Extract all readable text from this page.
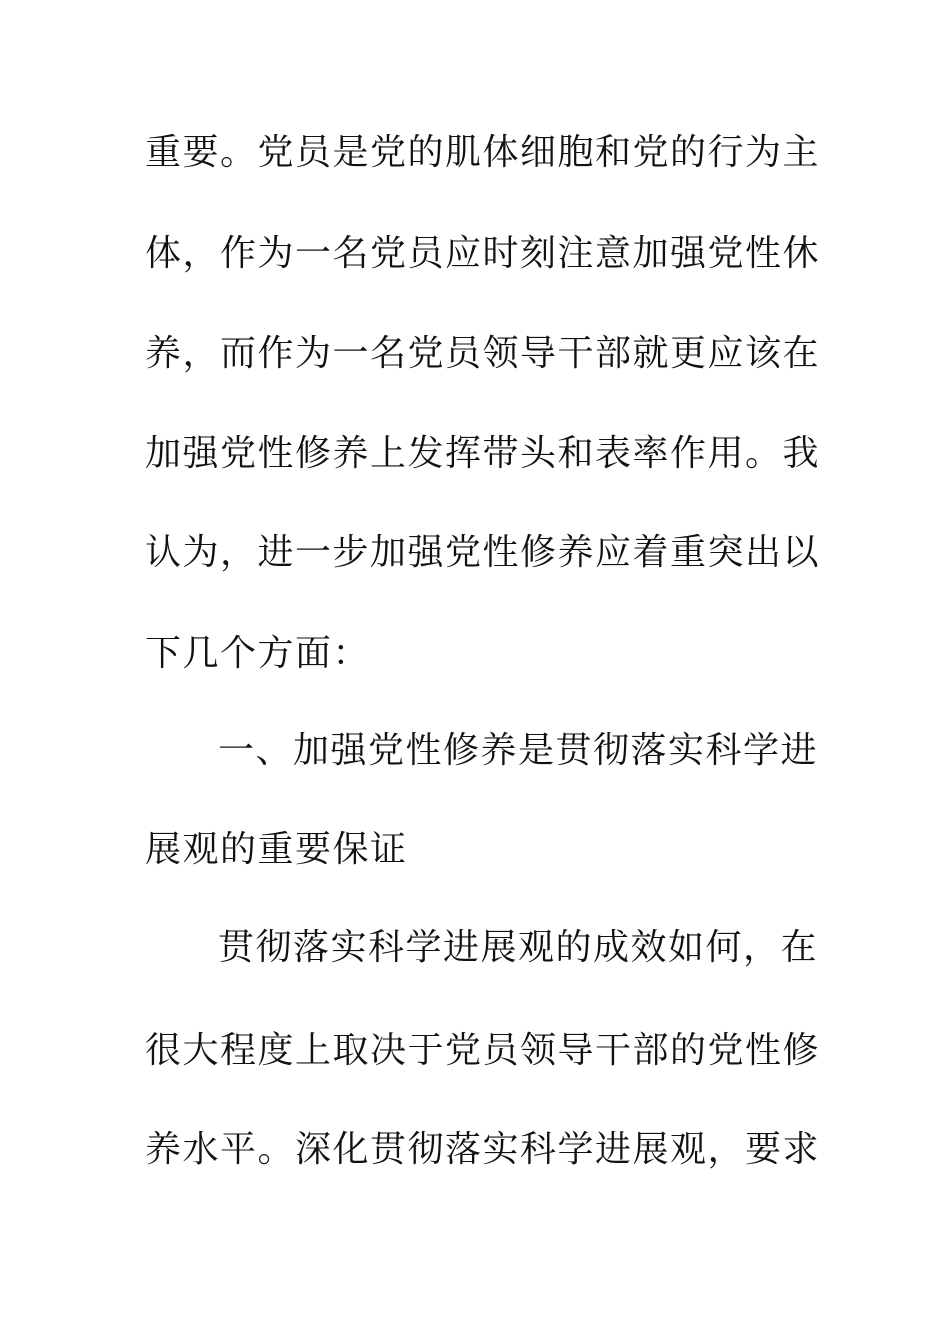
重要。党员是党的肌体细胞和党的行为主
体，作为一名党员应时刻注意加强党性休
养，而作为一名党员领导干部就更应该在
加强党性修养上发挥带头和表率作用。我
认为，进一步加强党性修养应着重突出以
下几个方面：
一、加强党性修养是贯彻落实科学进
展观的重要保证
贯彻落实科学进展观的成效如何，在
很大程度上取决于党员领导干部的党性修
养水平。深化贯彻落实科学进展观，要求
